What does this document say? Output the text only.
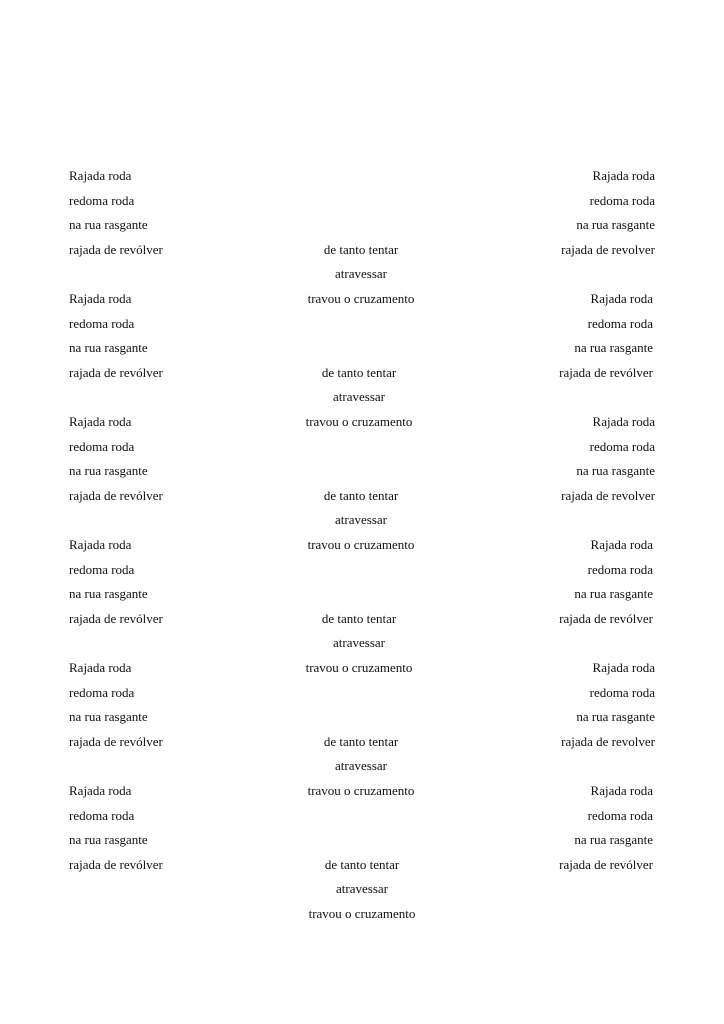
Rajada roda
redoma roda
na rua rasgante
rajada de revólver
Rajada roda
redoma roda
na rua rasgante
rajada de revólver
Rajada roda
redoma roda
na rua rasgante
rajada de revólver
Rajada roda
redoma roda
na rua rasgante
rajada de revólver
Rajada roda
redoma roda
na rua rasgante
rajada de revólver
Rajada roda
redoma roda
na rua rasgante
rajada de revólver
Rajada roda
redoma roda
na rua rasgante
rajada de revolver
Rajada roda
redoma roda
na rua rasgante
rajada de revólver
Rajada roda
redoma roda
na rua rasgante
rajada de revolver
Rajada roda
redoma roda
na rua rasgante
rajada de revólver
Rajada roda
redoma roda
na rua rasgante
rajada de revolver
Rajada roda
redoma roda
na rua rasgante
rajada de revólver
de tanto tentar
atravessar
travou o cruzamento
de tanto tentar
atravessar
travou o cruzamento
de tanto tentar
atravessar
travou o cruzamento
de tanto tentar
atravessar
travou o cruzamento
de tanto tentar
atravessar
travou o cruzamento
de tanto tentar
atravessar
travou o cruzamento
